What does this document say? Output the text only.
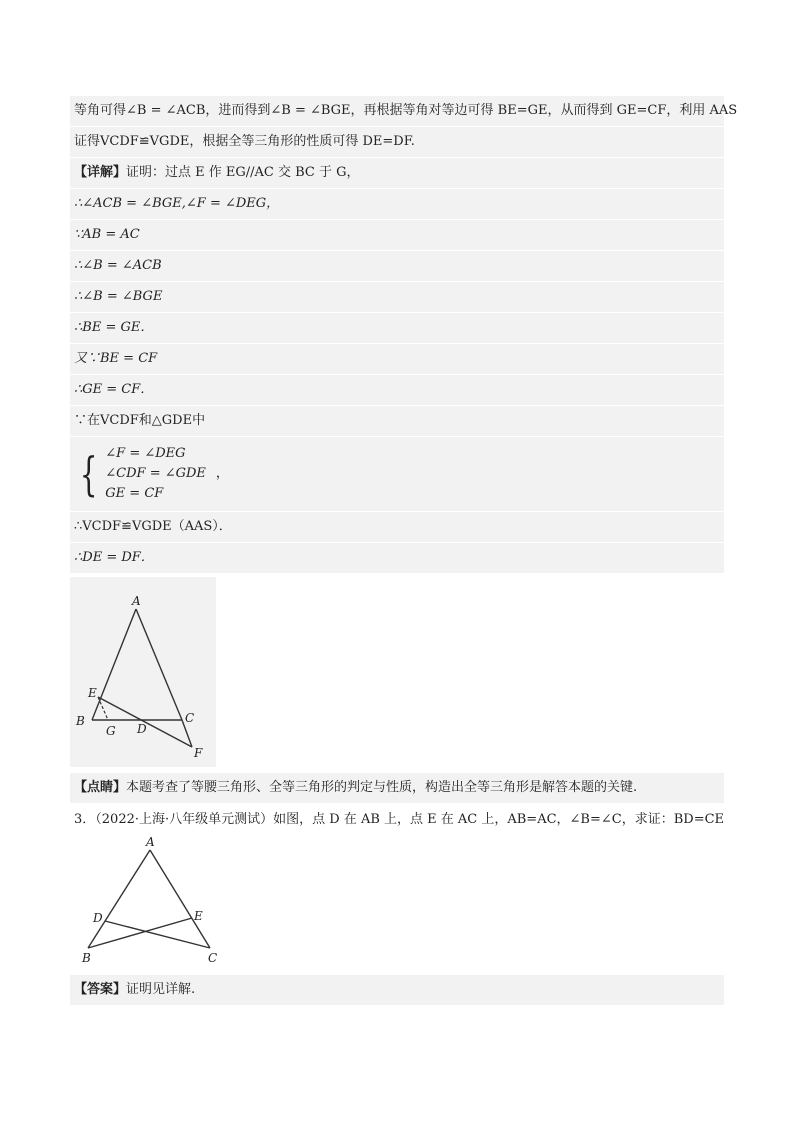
等角可得∠B = ∠ACB，进而得到∠B = ∠BGE，再根据等角对等边可得 BE=GE，从而得到 GE=CF，利用 AAS
证得VCDF≌VGDE，根据全等三角形的性质可得 DE=DF.
【详解】证明：过点 E 作 EG//AC 交 BC 于 G，
∴∠ACB = ∠BGE,∠F = ∠DEG，
∵AB = AC
∴∠B = ∠ACB
∴∠B = ∠BGE
∴BE = GE．
又∵BE = CF
∴GE = CF．
∵在VCDF和△GDE中
{ ∠F = ∠DEG
∠CDF = ∠GDE
GE = CF
，
∴VCDF≌VGDE（AAS）．
∴DE = DF．
A
B	C
D
E
F
G
【点睛】本题考查了等腰三角形、全等三角形的判定与性质，构造出全等三角形是解答本题的关键.
3．（2022·上海·八年级单元测试）如图，点 D 在 AB 上，点 E 在 AC 上，AB=AC，∠B=∠C，求证：BD=CE
A
B	C
D	E
【答案】证明见详解.
